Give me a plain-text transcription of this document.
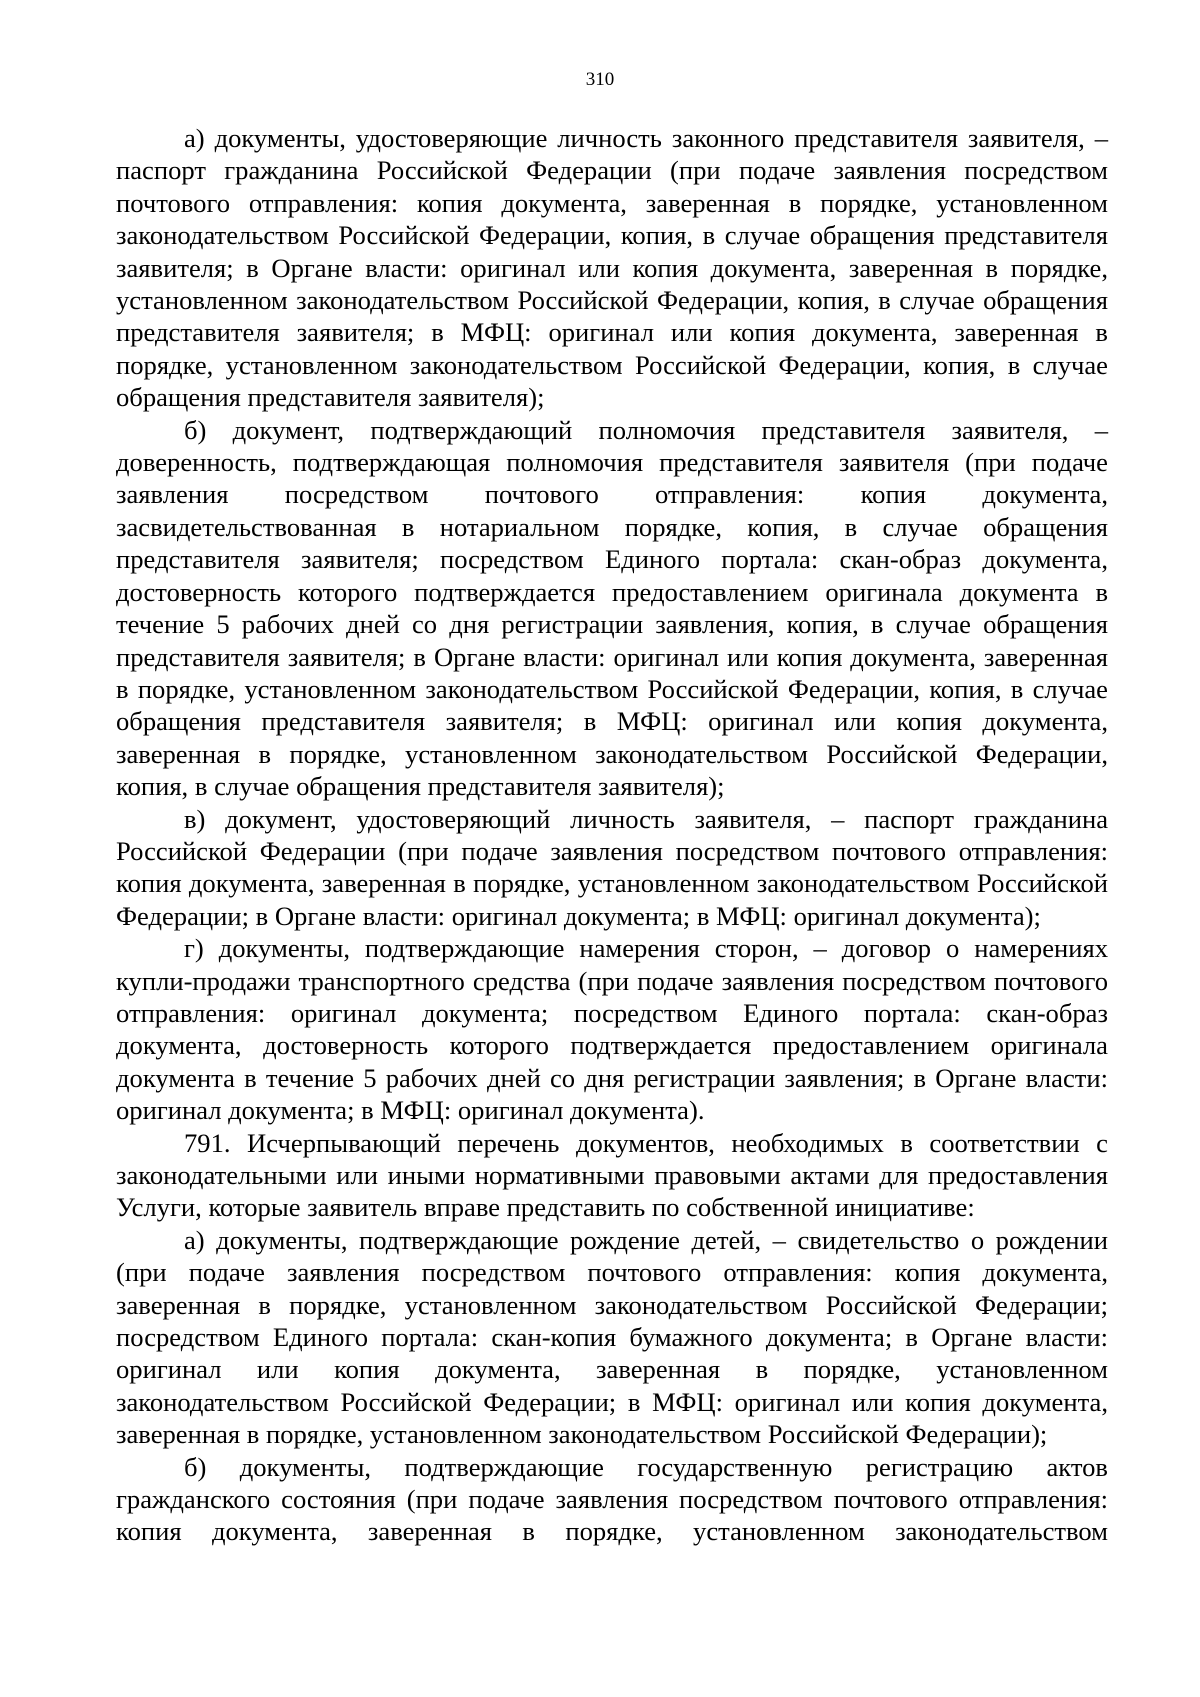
310

а) документы, удостоверяющие личность законного представителя заявителя, – паспорт гражданина Российской Федерации (при подаче заявления посредством почтового отправления: копия документа, заверенная в порядке, установленном законодательством Российской Федерации, копия, в случае обращения представителя заявителя; в Органе власти: оригинал или копия документа, заверенная в порядке, установленном законодательством Российской Федерации, копия, в случае обращения представителя заявителя; в МФЦ: оригинал или копия документа, заверенная в порядке, установленном законодательством Российской Федерации, копия, в случае обращения представителя заявителя);

б) документ, подтверждающий полномочия представителя заявителя, – доверенность, подтверждающая полномочия представителя заявителя (при подаче заявления посредством почтового отправления: копия документа, засвидетельствованная в нотариальном порядке, копия, в случае обращения представителя заявителя; посредством Единого портала: скан-образ документа, достоверность которого подтверждается предоставлением оригинала документа в течение 5 рабочих дней со дня регистрации заявления, копия, в случае обращения представителя заявителя; в Органе власти: оригинал или копия документа, заверенная в порядке, установленном законодательством Российской Федерации, копия, в случае обращения представителя заявителя; в МФЦ: оригинал или копия документа, заверенная в порядке, установленном законодательством Российской Федерации, копия, в случае обращения представителя заявителя);

в) документ, удостоверяющий личность заявителя, – паспорт гражданина Российской Федерации (при подаче заявления посредством почтового отправления: копия документа, заверенная в порядке, установленном законодательством Российской Федерации; в Органе власти: оригинал документа; в МФЦ: оригинал документа);

г) документы, подтверждающие намерения сторон, – договор о намерениях купли-продажи транспортного средства (при подаче заявления посредством почтового отправления: оригинал документа; посредством Единого портала: скан-образ документа, достоверность которого подтверждается предоставлением оригинала документа в течение 5 рабочих дней со дня регистрации заявления; в Органе власти: оригинал документа; в МФЦ: оригинал документа).

791. Исчерпывающий перечень документов, необходимых в соответствии с законодательными или иными нормативными правовыми актами для предоставления Услуги, которые заявитель вправе представить по собственной инициативе:

а) документы, подтверждающие рождение детей, – свидетельство о рождении (при подаче заявления посредством почтового отправления: копия документа, заверенная в порядке, установленном законодательством Российской Федерации; посредством Единого портала: скан-копия бумажного документа; в Органе власти: оригинал или копия документа, заверенная в порядке, установленном законодательством Российской Федерации; в МФЦ: оригинал или копия документа, заверенная в порядке, установленном законодательством Российской Федерации);

б) документы, подтверждающие государственную регистрацию актов гражданского состояния (при подаче заявления посредством почтового отправления: копия документа, заверенная в порядке, установленном законодательством
